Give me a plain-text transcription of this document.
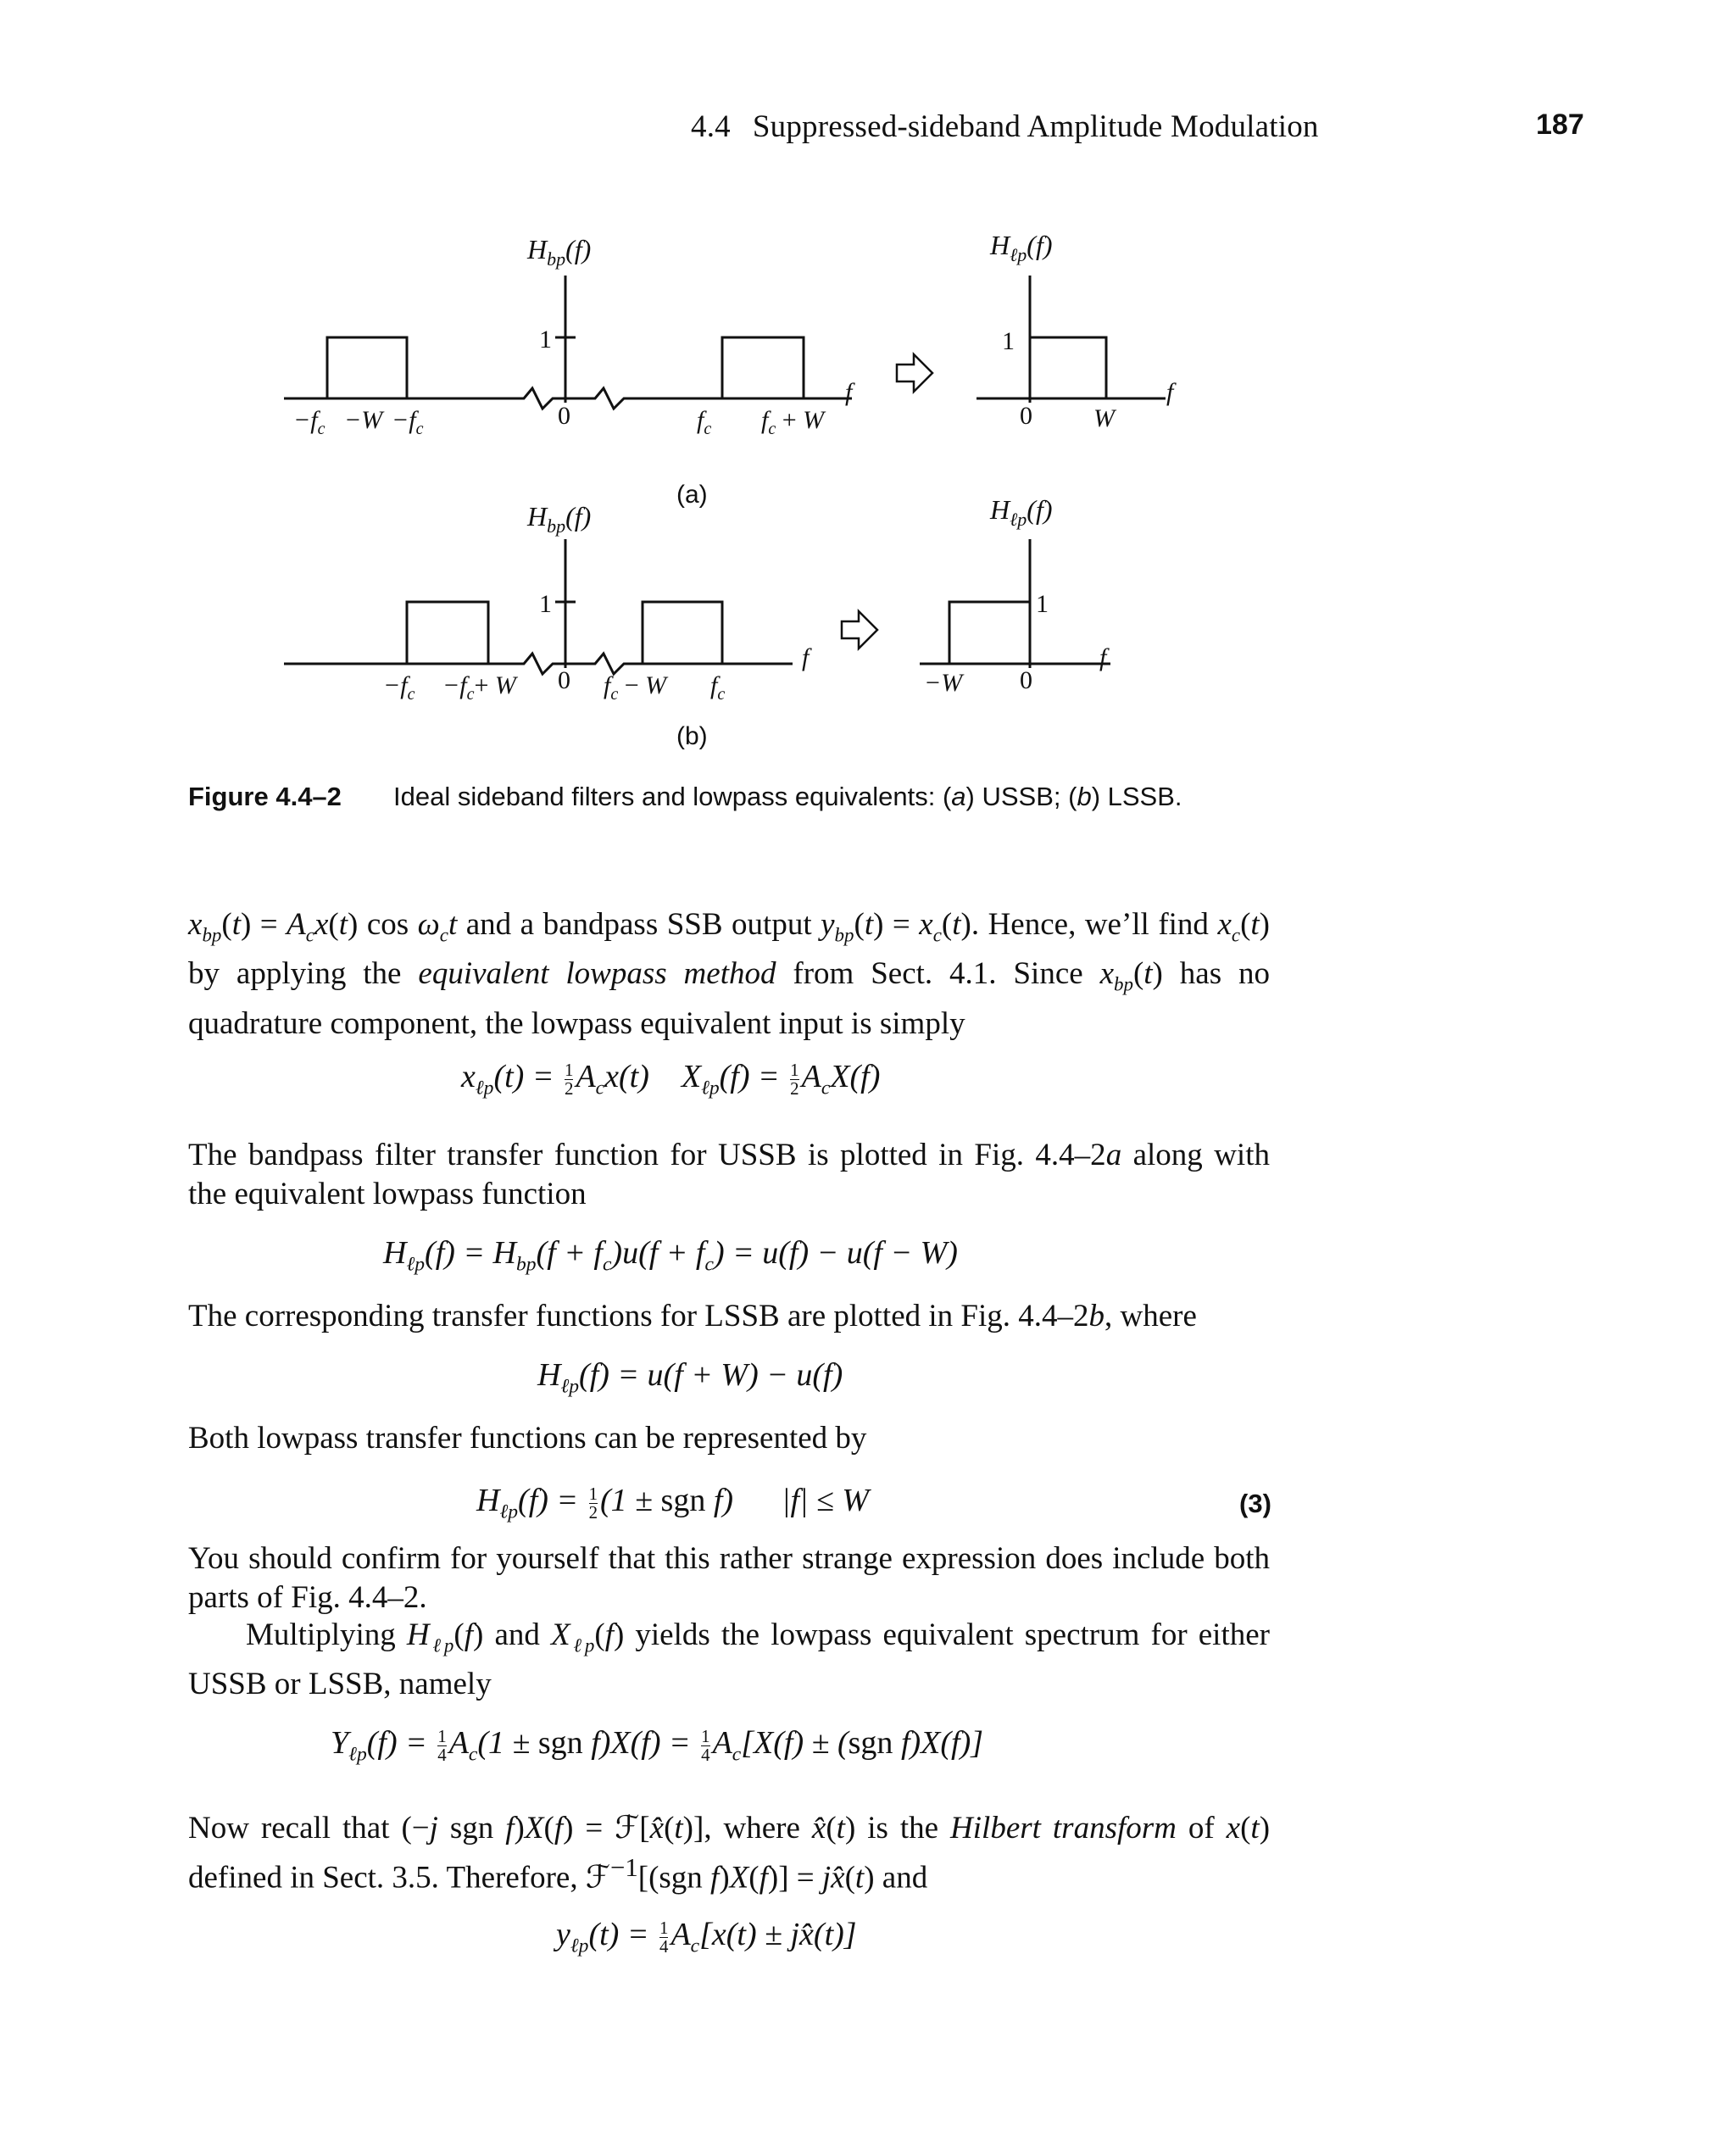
4.4 Suppressed-sideband Amplitude Modulation	187
$H_{bp}(f)$
1
$-f_c -W -f_c$	0	$f_c$ $f_c + W$
f
(a)
$H_{\ell p}(f)$
1
0 W
f
$H_{bp}(f)$
1
$-f_c -f_c+ W$ 0 $f_c - W$ $f_c$
f
(b)
$H_{\ell p}(f)$
1
−W 0
f
Figure 4.4–2 Ideal sideband filters and lowpass equivalents: (a) USSB; (b) LSSB.
$x_{bp}(t) = A_cx(t)$ $\cos \omega_ct$ and a bandpass SSB output $y_{bp}(t) = x_c(t)$. Hence, we’ll find $x_c(t)$ by applying the equivalent lowpass method from Sect. 4.1. Since $x_{bp}(t)$ has no quadrature component, the lowpass equivalent input is simply
$x_{\ell p}(t) = \frac{1}{2} A_cx(t)$    $X_{\ell p}(f) = \frac{1}{2} A_cX(f)$
The bandpass filter transfer function for USSB is plotted in Fig. 4.4–2a along with the equivalent lowpass function
$H_{\ell p}(f) = H_{bp}(f + f_c)u(f + f_c) = u(f) - u(f - W)$
The corresponding transfer functions for LSSB are plotted in Fig. 4.4–2b, where
$H_{\ell p}(f) = u(f + W) - u(f)$
Both lowpass transfer functions can be represented by
$H_{\ell p}(f) = \frac{1}{2} (1$ ± sgn f)      |f| ≤ W	(3)
You should confirm for yourself that this rather strange expression does include both parts of Fig. 4.4–2.
Multiplying $H_{\ell p}(f)$ and $X_{\ell p}(f)$ yields the lowpass equivalent spectrum for either USSB or LSSB, namely
$Y_{\ell p}(f) = \frac{1}{4} A_c(1$ ± sgn $f)X(f) = \frac{1}{4} A_c[X(f) \pm (sgn$ f)X(f)]
Now recall that (−j sgn f)X(f) = ℱ[x̂(t)], where x̂(t) is the Hilbert transform of x(t) defined in Sect. 3.5. Therefore, ℱ$^{-1}$[(sgn f)X(f)] = jx̂(t) and
$y_{\ell p}(t) = \frac{1}{4} A_c[x(t)$ ± jx̂(t)]
